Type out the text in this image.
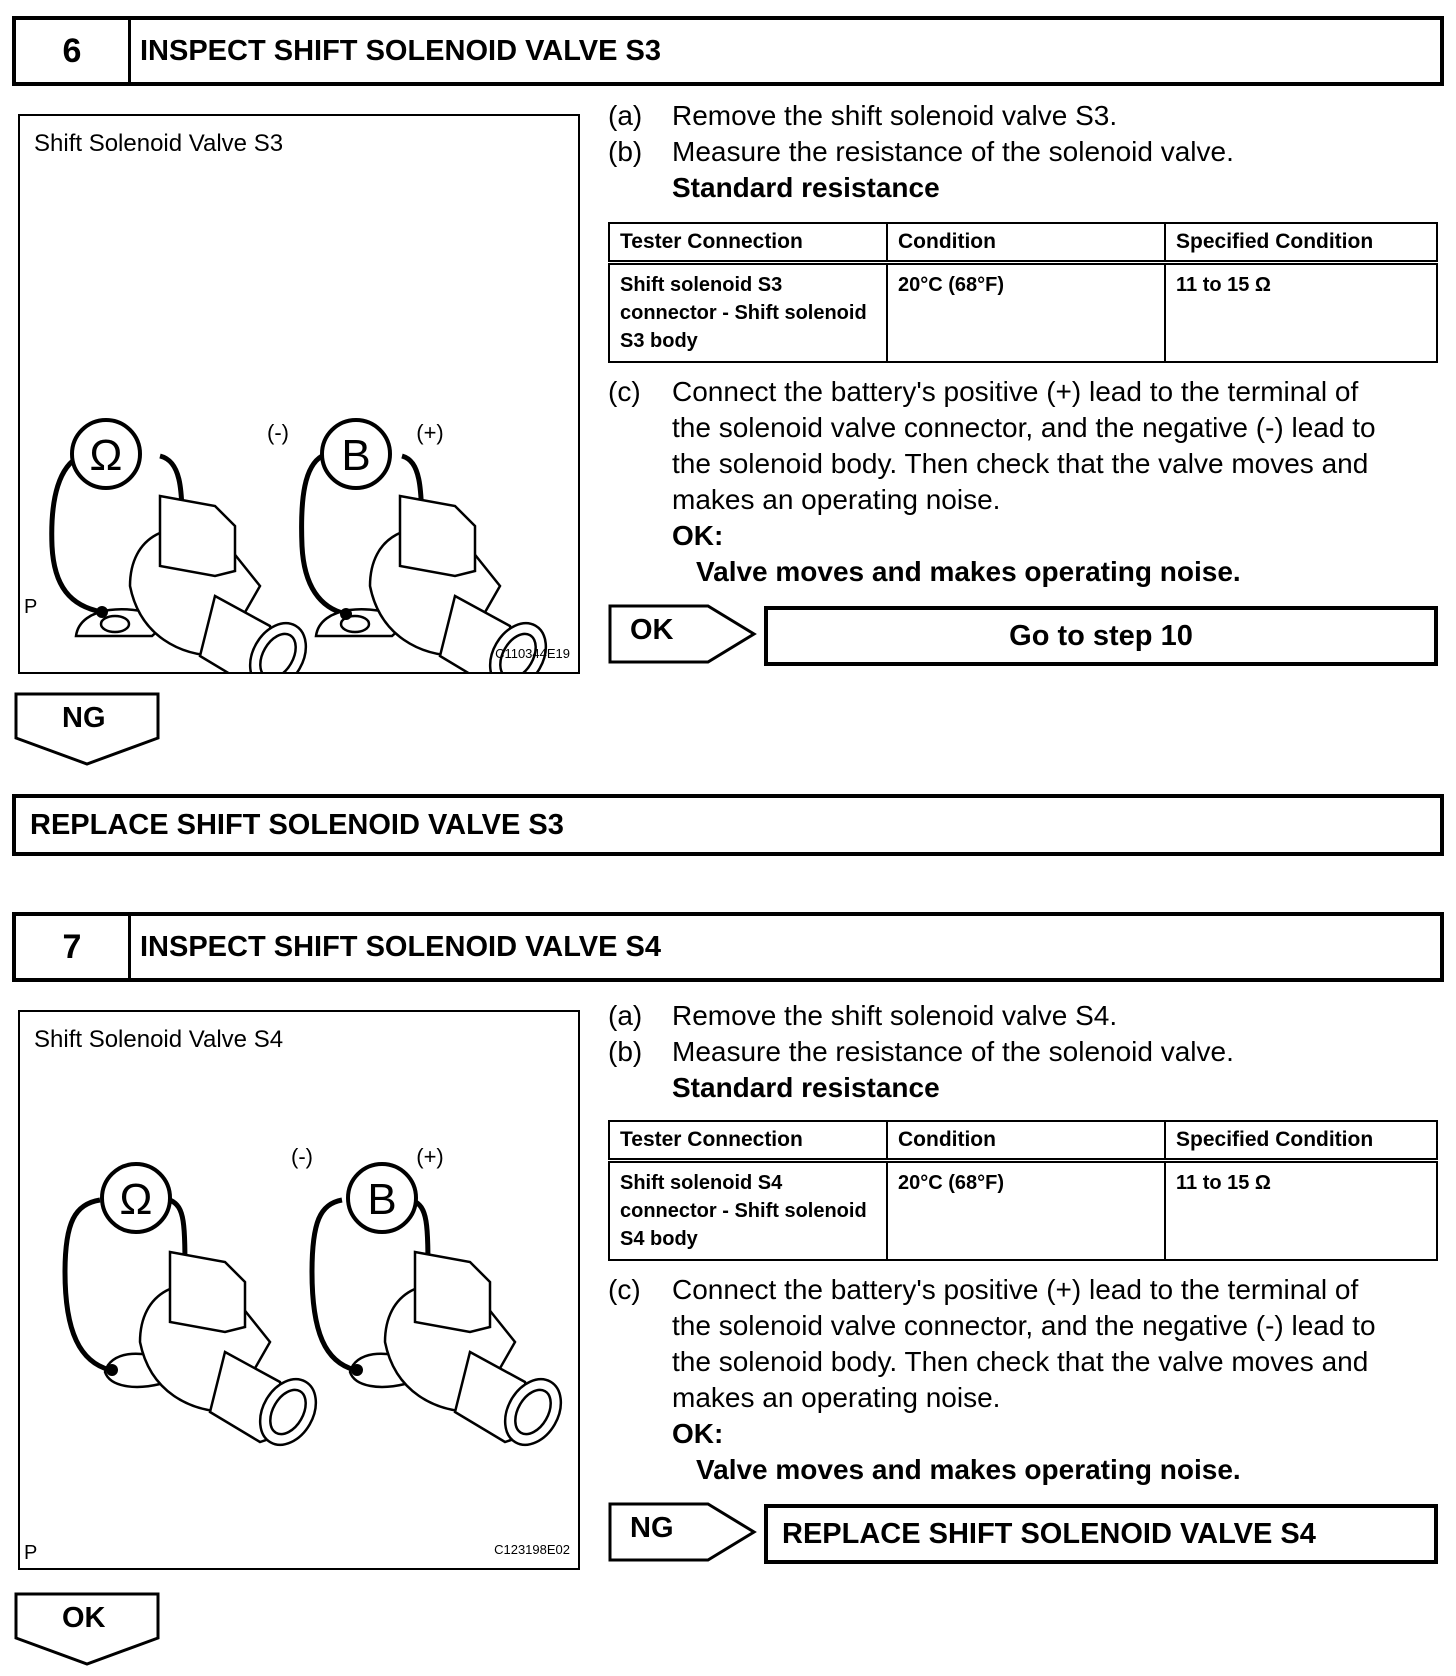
6	INSPECT SHIFT SOLENOID VALVE S3
Shift Solenoid Valve S3
Ω	B
(-)	(+)
P
C110344E19
(a) Remove the shift solenoid valve S3.
(b) Measure the resistance of the solenoid valve.
Standard resistance
Tester Connection	Condition	Specified Condition
Shift solenoid S3 connector - Shift solenoid S3 body	20°C (68°F)	11 to 15 Ω
(c) Connect the battery's positive (+) lead to the terminal of
the solenoid valve connector, and the negative (-) lead to
the solenoid body. Then check that the valve moves and
makes an operating noise.
OK:
Valve moves and makes operating noise.
OK	Go to step 10
NG
REPLACE SHIFT SOLENOID VALVE S3
7	INSPECT SHIFT SOLENOID VALVE S4
Shift Solenoid Valve S4
Ω	B
(-)	(+)
P	C123198E02
(a) Remove the shift solenoid valve S4.
(b) Measure the resistance of the solenoid valve.
Standard resistance
Tester Connection	Condition	Specified Condition
Shift solenoid S4 connector - Shift solenoid S4 body	20°C (68°F)	11 to 15 Ω
(c) Connect the battery's positive (+) lead to the terminal of
the solenoid valve connector, and the negative (-) lead to
the solenoid body. Then check that the valve moves and
makes an operating noise.
OK:
Valve moves and makes operating noise.
NG	REPLACE SHIFT SOLENOID VALVE S4
OK
